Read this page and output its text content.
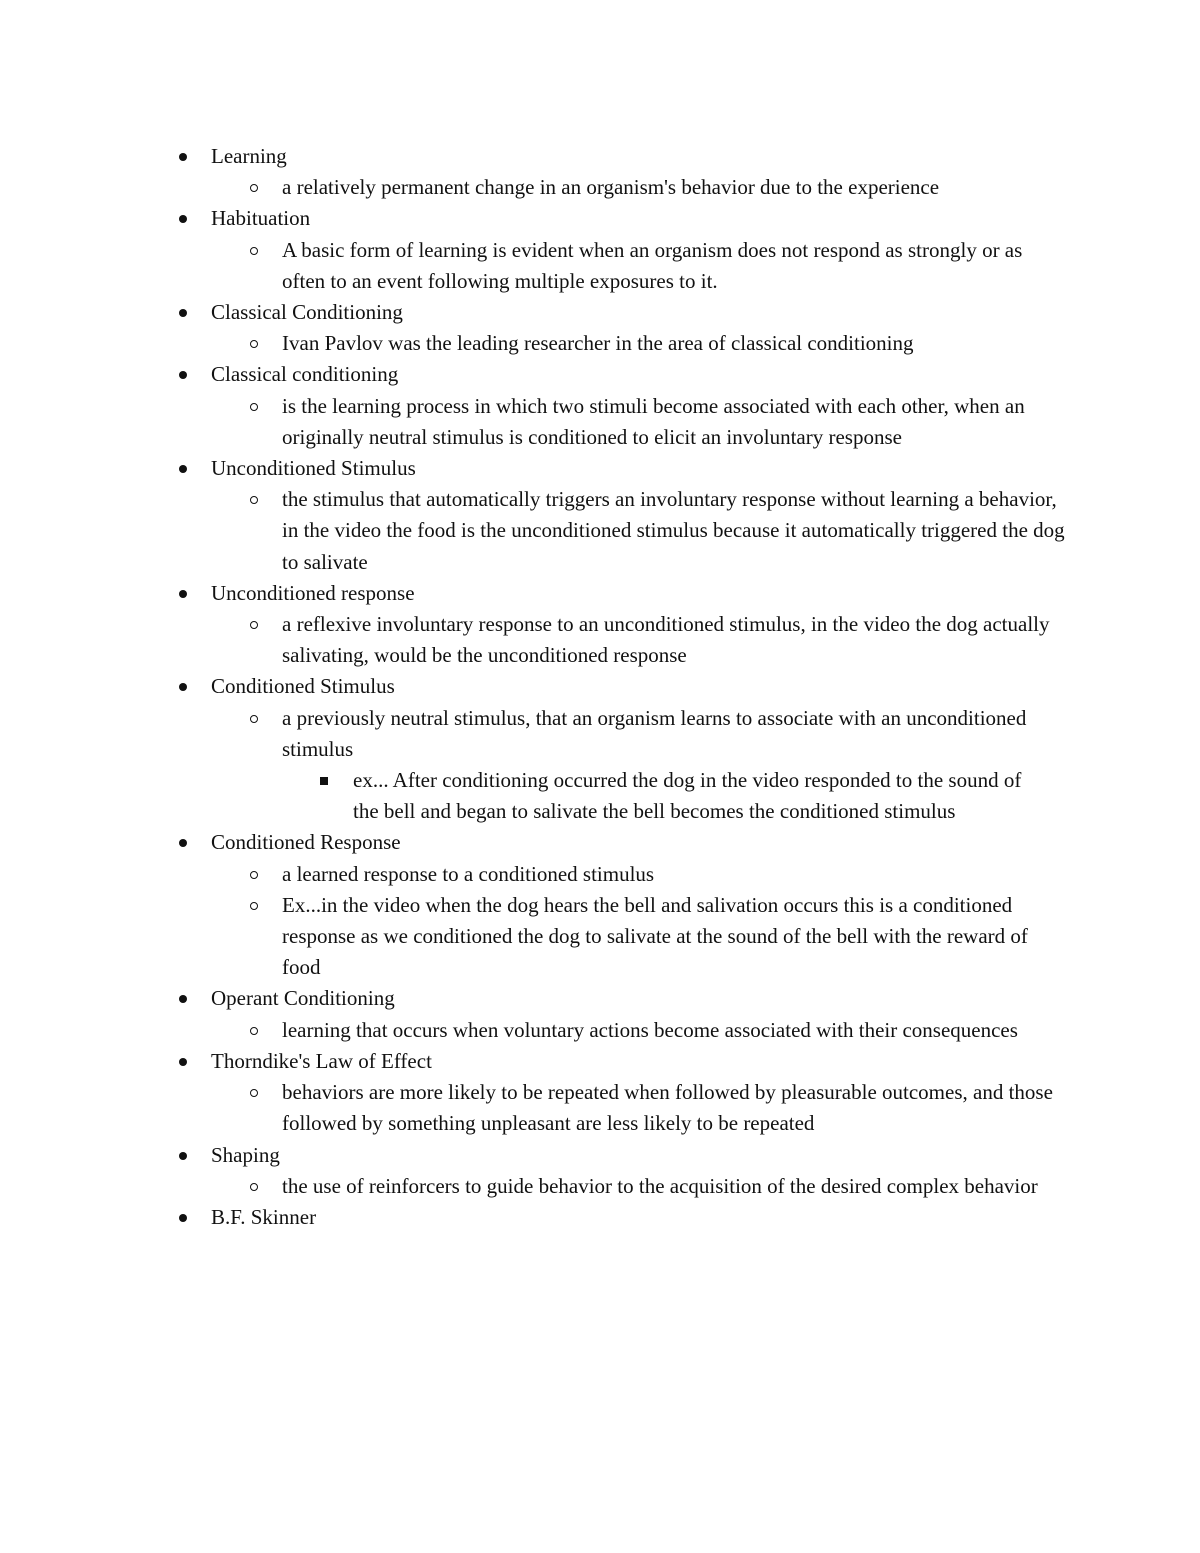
Learning
a relatively permanent change in an organism's behavior due to the experience
Habituation
A basic form of learning is evident when an organism does not respond as strongly or as often to an event following multiple exposures to it.
Classical Conditioning
Ivan Pavlov was the leading researcher in the area of classical conditioning
Classical conditioning
is the learning process in which two stimuli become associated with each other, when an originally neutral stimulus is conditioned to elicit an involuntary response
Unconditioned Stimulus
the stimulus that automatically triggers an involuntary response without learning a behavior, in the video the food is the unconditioned stimulus because it automatically triggered the dog to salivate
Unconditioned response
a reflexive involuntary response to an unconditioned stimulus, in the video the dog actually salivating, would be the unconditioned response
Conditioned Stimulus
a previously neutral stimulus, that an organism learns to associate with an unconditioned stimulus
ex... After conditioning occurred the dog in the video responded to the sound of the bell and began to salivate the bell becomes the conditioned stimulus
Conditioned Response
a learned response to a conditioned stimulus
Ex...in the video when the dog hears the bell and salivation occurs this is a conditioned response as we conditioned the dog to salivate at the sound of the bell with the reward of food
Operant Conditioning
learning that occurs when voluntary actions become associated with their consequences
Thorndike's Law of Effect
behaviors are more likely to be repeated when followed by pleasurable outcomes, and those followed by something unpleasant are less likely to be repeated
Shaping
the use of reinforcers to guide behavior to the acquisition of the desired complex behavior
B.F. Skinner
